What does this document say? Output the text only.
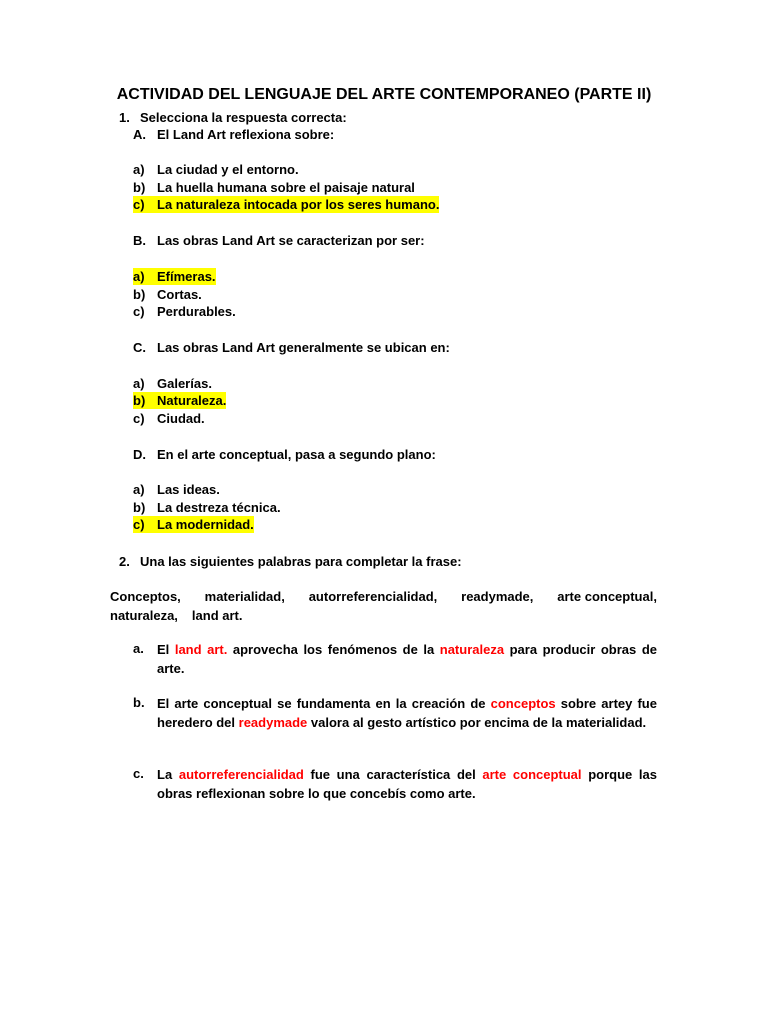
ACTIVIDAD DEL LENGUAJE DEL ARTE CONTEMPORANEO (PARTE II)
1. Selecciona la respuesta correcta:
A. El Land Art reflexiona sobre:
a) La ciudad y el entorno.
b) La huella humana sobre el paisaje natural
c) La naturaleza intocada por los seres humano.
B. Las obras Land Art se caracterizan por ser:
a) Efímeras.
b) Cortas.
c) Perdurables.
C. Las obras Land Art generalmente se ubican en:
a) Galerías.
b) Naturaleza.
c) Ciudad.
D. En el arte conceptual, pasa a segundo plano:
a) Las ideas.
b) La destreza técnica.
c) La modernidad.
2. Una las siguientes palabras para completar la frase:
Conceptos, materialidad, autorreferencialidad, readymade, arte conceptual,
naturaleza, land art.
a. El land art. aprovecha los fenómenos de la naturaleza para producir obras de arte.
b. El arte conceptual se fundamenta en la creación de conceptos sobre artey fue heredero del readymade valora al gesto artístico por encima de la materialidad.
c. La autorreferencialidad fue una característica del arte conceptual porque las obras reflexionan sobre lo que concebís como arte.
